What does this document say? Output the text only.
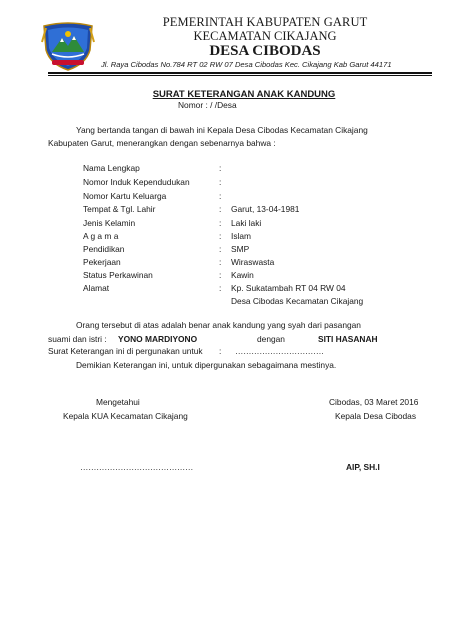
PEMERINTAH KABUPATEN GARUT
KECAMATAN CIKAJANG
DESA CIBODAS
Jl. Raya Cibodas No.784 RT 02 RW 07 Desa Cibodas Kec. Cikajang Kab Garut 44171
SURAT KETERANGAN ANAK KANDUNG
Nomor : / /Desa
Yang bertanda tangan di bawah ini Kepala Desa Cibodas Kecamatan Cikajang
Kabupaten Garut, menerangkan dengan sebenarnya bahwa :
Nama Lengkap	:
Nomor Induk Kependudukan	:
Nomor Kartu Keluarga	:
Tempat & Tgl. Lahir	: Garut, 13-04-1981
Jenis Kelamin	: Laki laki
A g a m a	: Islam
Pendidikan	: SMP
Pekerjaan	: Wiraswasta
Status Perkawinan	: Kawin
Alamat	: Kp. Sukatambah RT 04 RW 04
Desa Cibodas Kecamatan Cikajang
Orang tersebut di atas adalah benar anak kandung yang syah dari pasangan
suami dan istri : YONO MARDIYONO	dengan	SITI HASANAH
Surat Keterangan ini di pergunakan untuk : ……………………………
Demikian Keterangan ini, untuk dipergunakan sebagaimana mestinya.
Mengetahui
Kepala KUA Kecamatan Cikajang
……………………………………
Cibodas, 03 Maret 2016
Kepala Desa Cibodas
AIP, SH.I
